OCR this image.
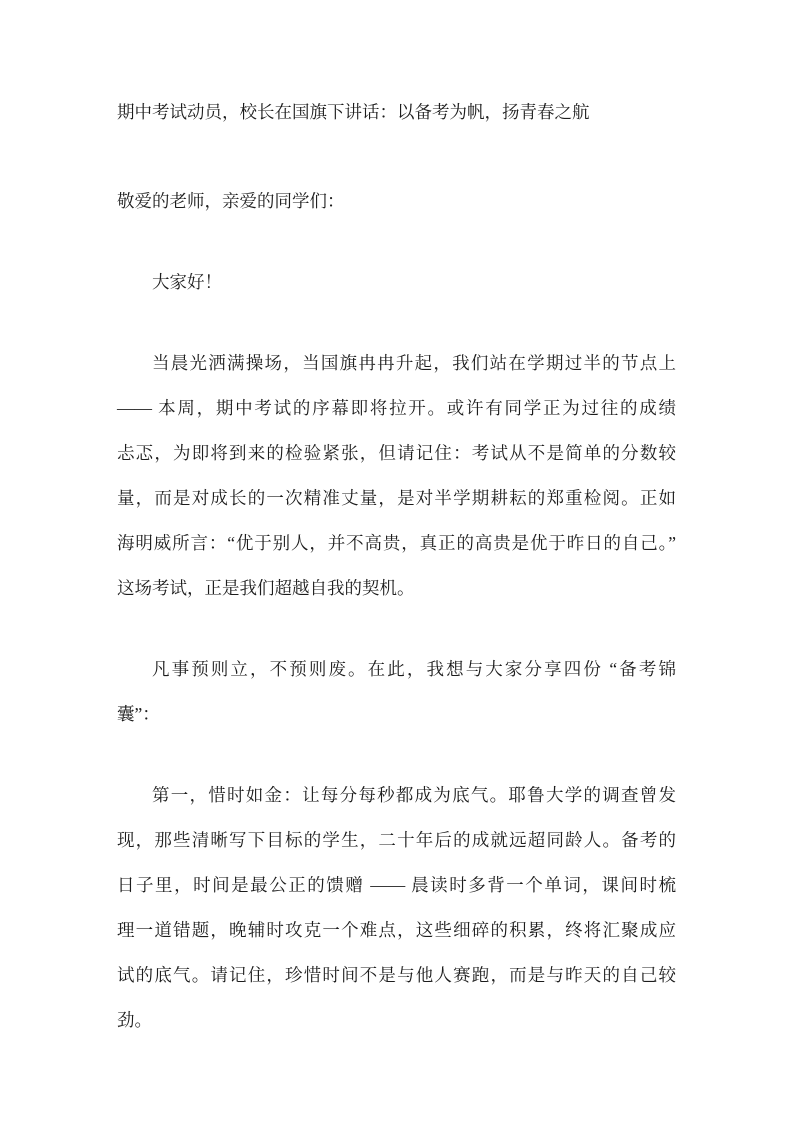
期中考试动员，校长在国旗下讲话：以备考为帆，扬青春之航
敬爱的老师，亲爱的同学们：
大家好！
当晨光洒满操场，当国旗冉冉升起，我们站在学期过半的节点上
—— 本周，期中考试的序幕即将拉开。或许有同学正为过往的成绩
忐忑，为即将到来的检验紧张，但请记住：考试从不是简单的分数较
量，而是对成长的一次精准丈量，是对半学期耕耘的郑重检阅。正如
海明威所言：“优于别人，并不高贵，真正的高贵是优于昨日的自己。”
这场考试，正是我们超越自我的契机。
凡事预则立，不预则废。在此，我想与大家分享四份 “备考锦
囊”：
第一，惜时如金：让每分每秒都成为底气。耶鲁大学的调查曾发
现，那些清晰写下目标的学生，二十年后的成就远超同龄人。备考的
日子里，时间是最公正的馈赠 —— 晨读时多背一个单词，课间时梳
理一道错题，晚辅时攻克一个难点，这些细碎的积累，终将汇聚成应
试的底气。请记住，珍惜时间不是与他人赛跑，而是与昨天的自己较
劲。
